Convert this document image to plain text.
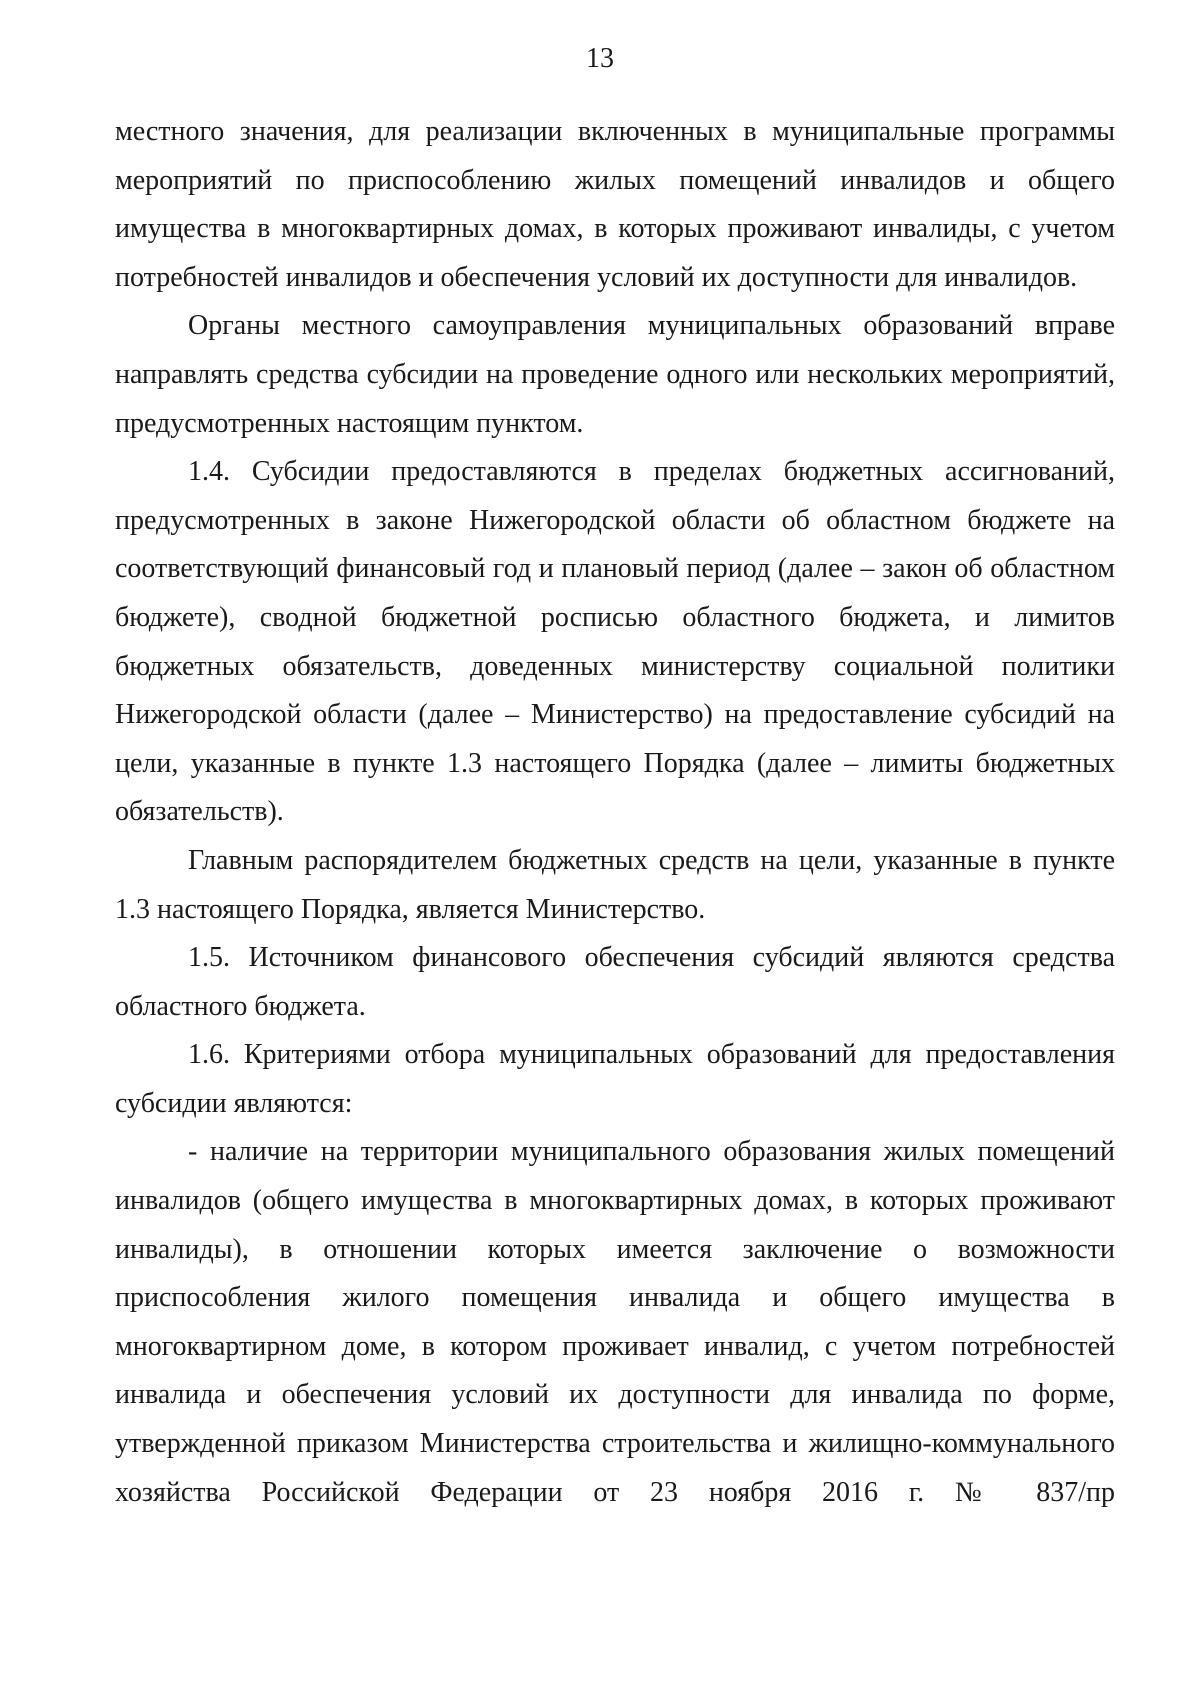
13

местного значения, для реализации включенных в муниципальные программы мероприятий по приспособлению жилых помещений инвалидов и общего имущества в многоквартирных домах, в которых проживают инвалиды, с учетом потребностей инвалидов и обеспечения условий их доступности для инвалидов.

Органы местного самоуправления муниципальных образований вправе направлять средства субсидии на проведение одного или нескольких мероприятий, предусмотренных настоящим пунктом.

1.4. Субсидии предоставляются в пределах бюджетных ассигнований, предусмотренных в законе Нижегородской области об областном бюджете на соответствующий финансовый год и плановый период (далее – закон об областном бюджете), сводной бюджетной росписью областного бюджета, и лимитов бюджетных обязательств, доведенных министерству социальной политики Нижегородской области (далее – Министерство) на предоставление субсидий на цели, указанные в пункте 1.3 настоящего Порядка (далее – лимиты бюджетных обязательств).

Главным распорядителем бюджетных средств на цели, указанные в пункте 1.3 настоящего Порядка, является Министерство.

1.5. Источником финансового обеспечения субсидий являются средства областного бюджета.

1.6. Критериями отбора муниципальных образований для предоставления субсидии являются:

- наличие на территории муниципального образования жилых помещений инвалидов (общего имущества в многоквартирных домах, в которых проживают инвалиды), в отношении которых имеется заключение о возможности приспособления жилого помещения инвалида и общего имущества в многоквартирном доме, в котором проживает инвалид, с учетом потребностей инвалида и обеспечения условий их доступности для инвалида по форме, утвержденной приказом Министерства строительства и жилищно-коммунального хозяйства Российской Федерации от 23 ноября 2016 г. № 837/пр
